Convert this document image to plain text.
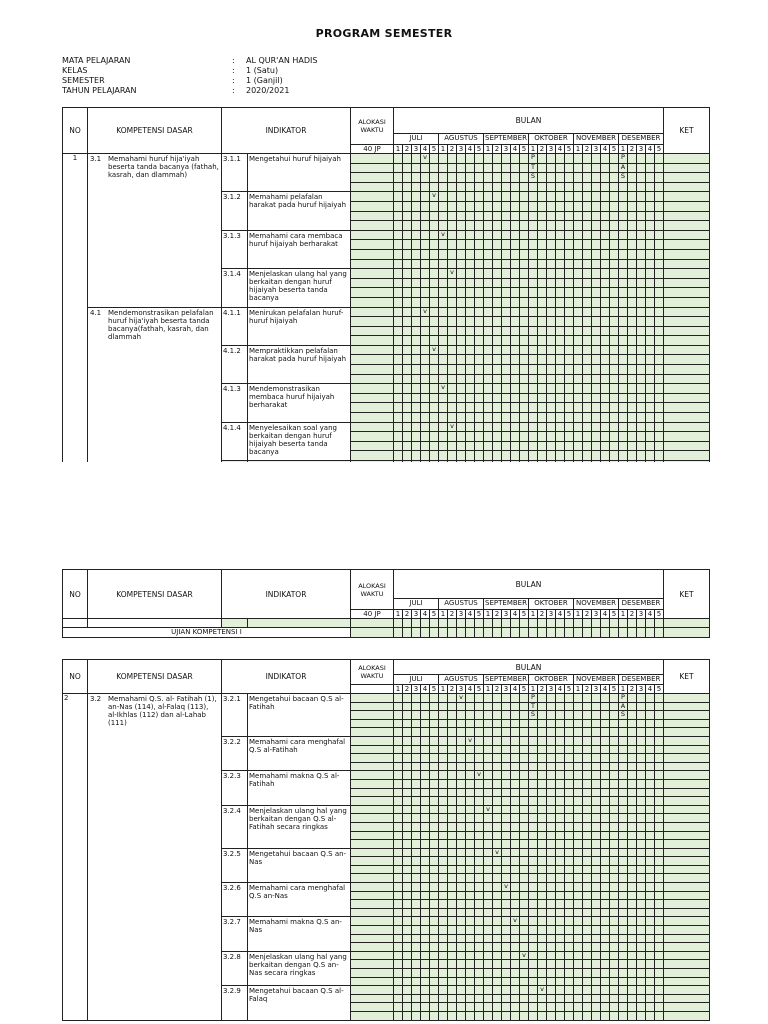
PROGRAM SEMESTER
MATA PELAJARAN	:	AL QUR'AN HADIS
KELAS	:	1 (Satu)
SEMESTER	:	1 (Ganjil)
TAHUN PELAJARAN	:	2020/2021
NO	KOMPETENSI DASAR	INDIKATOR		ALOKASI WAKTU	BULAN																														KET
					JULI					AGUSTUS					SEPTEMBER					OKTOBER					NOVEMBER					DESEMBER					
				40 JP	1	2	3	4	5	1	2	3	4	5	1	2	3	4	5	1	2	3	4	5	1	2	3	4	5	1	2	3	4	5	
1	3.1 Memahami huruf hija'iyah beserta tanda bacanya (fathah, kasrah, dan dlammah)	3.1.1	Mengetahui huruf hijaiyah					v												P										P					
																				T										A					
																				S										S					

		3.1.2	Memahami pelafalan harakat pada huruf hijaiyah						v																										

		3.1.3	Memahami cara membaca huruf hijaiyah berharakat							v																									

		3.1.4	Menjelaskan ulang hal yang berkaitan dengan huruf hijaiyah beserta tanda bacanya								v																								

	4.1 Mendemonstrasikan pelafalan huruf hija'iyah beserta tanda bacanya(fathah, kasrah, dan dlammah	4.1.1	Menirukan pelafalan huruf-huruf hijaiyah					v																											

		4.1.2	Mempraktikkan pelafalan harakat pada huruf hijaiyah						v																										

		4.1.3	Mendemonstrasikan membaca huruf hijaiyah berharakat							v																									

		4.1.4	Menyelesaikan soal yang berkaitan dengan huruf hijaiyah beserta tanda bacanya								v																								

NO	KOMPETENSI DASAR	INDIKATOR		ALOKASI WAKTU	BULAN																														KET
					JULI					AGUSTUS					SEPTEMBER					OKTOBER					NOVEMBER					DESEMBER					
				40 JP	1	2	3	4	5	1	2	3	4	5	1	2	3	4	5	1	2	3	4	5	1	2	3	4	5	1	2	3	4	5	

UJIAN KOMPETENSI I																																			
NO	KOMPETENSI DASAR	INDIKATOR		ALOKASI WAKTU	BULAN																														KET
					JULI					AGUSTUS					SEPTEMBER					OKTOBER					NOVEMBER					DESEMBER					
					1	2	3	4	5	1	2	3	4	5	1	2	3	4	5	1	2	3	4	5	1	2	3	4	5	1	2	3	4	5	
2	3.2 Memahami Q.S. al- Fatihah (1), an-Nas (114), al-Falaq (113), al-Ikhlas (112) dan al-Lahab (111)	3.2.1	Mengetahui bacaan Q.S al-Fatihah									v								P										P					
																				T										A					
																				S										S					

		3.2.2	Memahami cara menghafal Q.S al-Fatihah										v																						

		3.2.3	Memahami makna Q.S al-Fatihah											v																					

		3.2.4	Menjelaskan ulang hal yang berkaitan dengan Q.S al-Fatihah secara ringkas												v																				

		3.2.5	Mengetahui bacaan Q.S an-Nas													v																			

		3.2.6	Memahami cara menghafal Q.S an-Nas														v																		

		3.2.7	Memahami makna Q.S an-Nas															v																	

		3.2.8	Menjelaskan ulang hal yang berkaitan dengan Q.S an-Nas secara ringkas																v																

		3.2.9	Mengetahui bacaan Q.S al-Falaq																		v														
